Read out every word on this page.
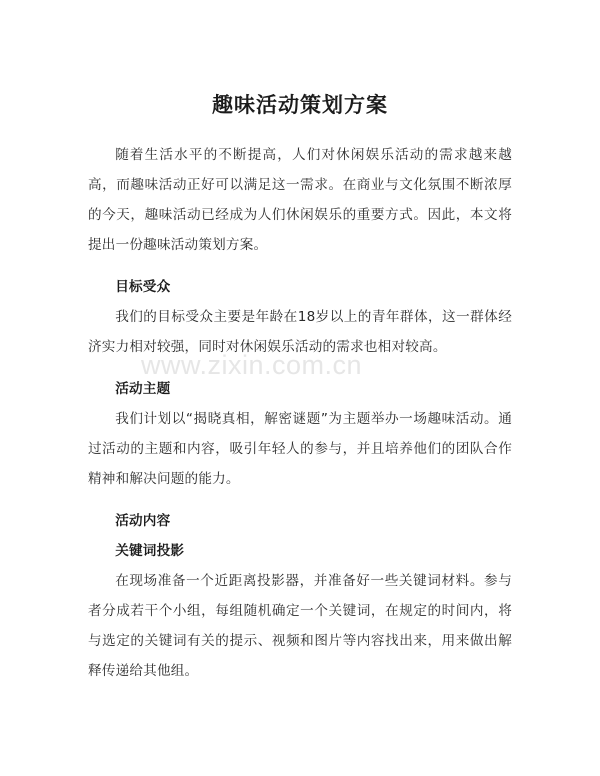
www.zixin.com.cn
趣味活动策划方案

随着生活水平的不断提高，人们对休闲娱乐活动的需求越来越高，而趣味活动正好可以满足这一需求。在商业与文化氛围不断浓厚的今天，趣味活动已经成为人们休闲娱乐的重要方式。因此，本文将提出一份趣味活动策划方案。

目标受众

我们的目标受众主要是年龄在18岁以上的青年群体，这一群体经济实力相对较强，同时对休闲娱乐活动的需求也相对较高。

活动主题

我们计划以“揭晓真相，解密谜题”为主题举办一场趣味活动。通过活动的主题和内容，吸引年轻人的参与，并且培养他们的团队合作精神和解决问题的能力。

活动内容
关键词投影

在现场准备一个近距离投影器，并准备好一些关键词材料。参与者分成若干个小组，每组随机确定一个关键词，在规定的时间内，将与选定的关键词有关的提示、视频和图片等内容找出来，用来做出解释传递给其他组。
